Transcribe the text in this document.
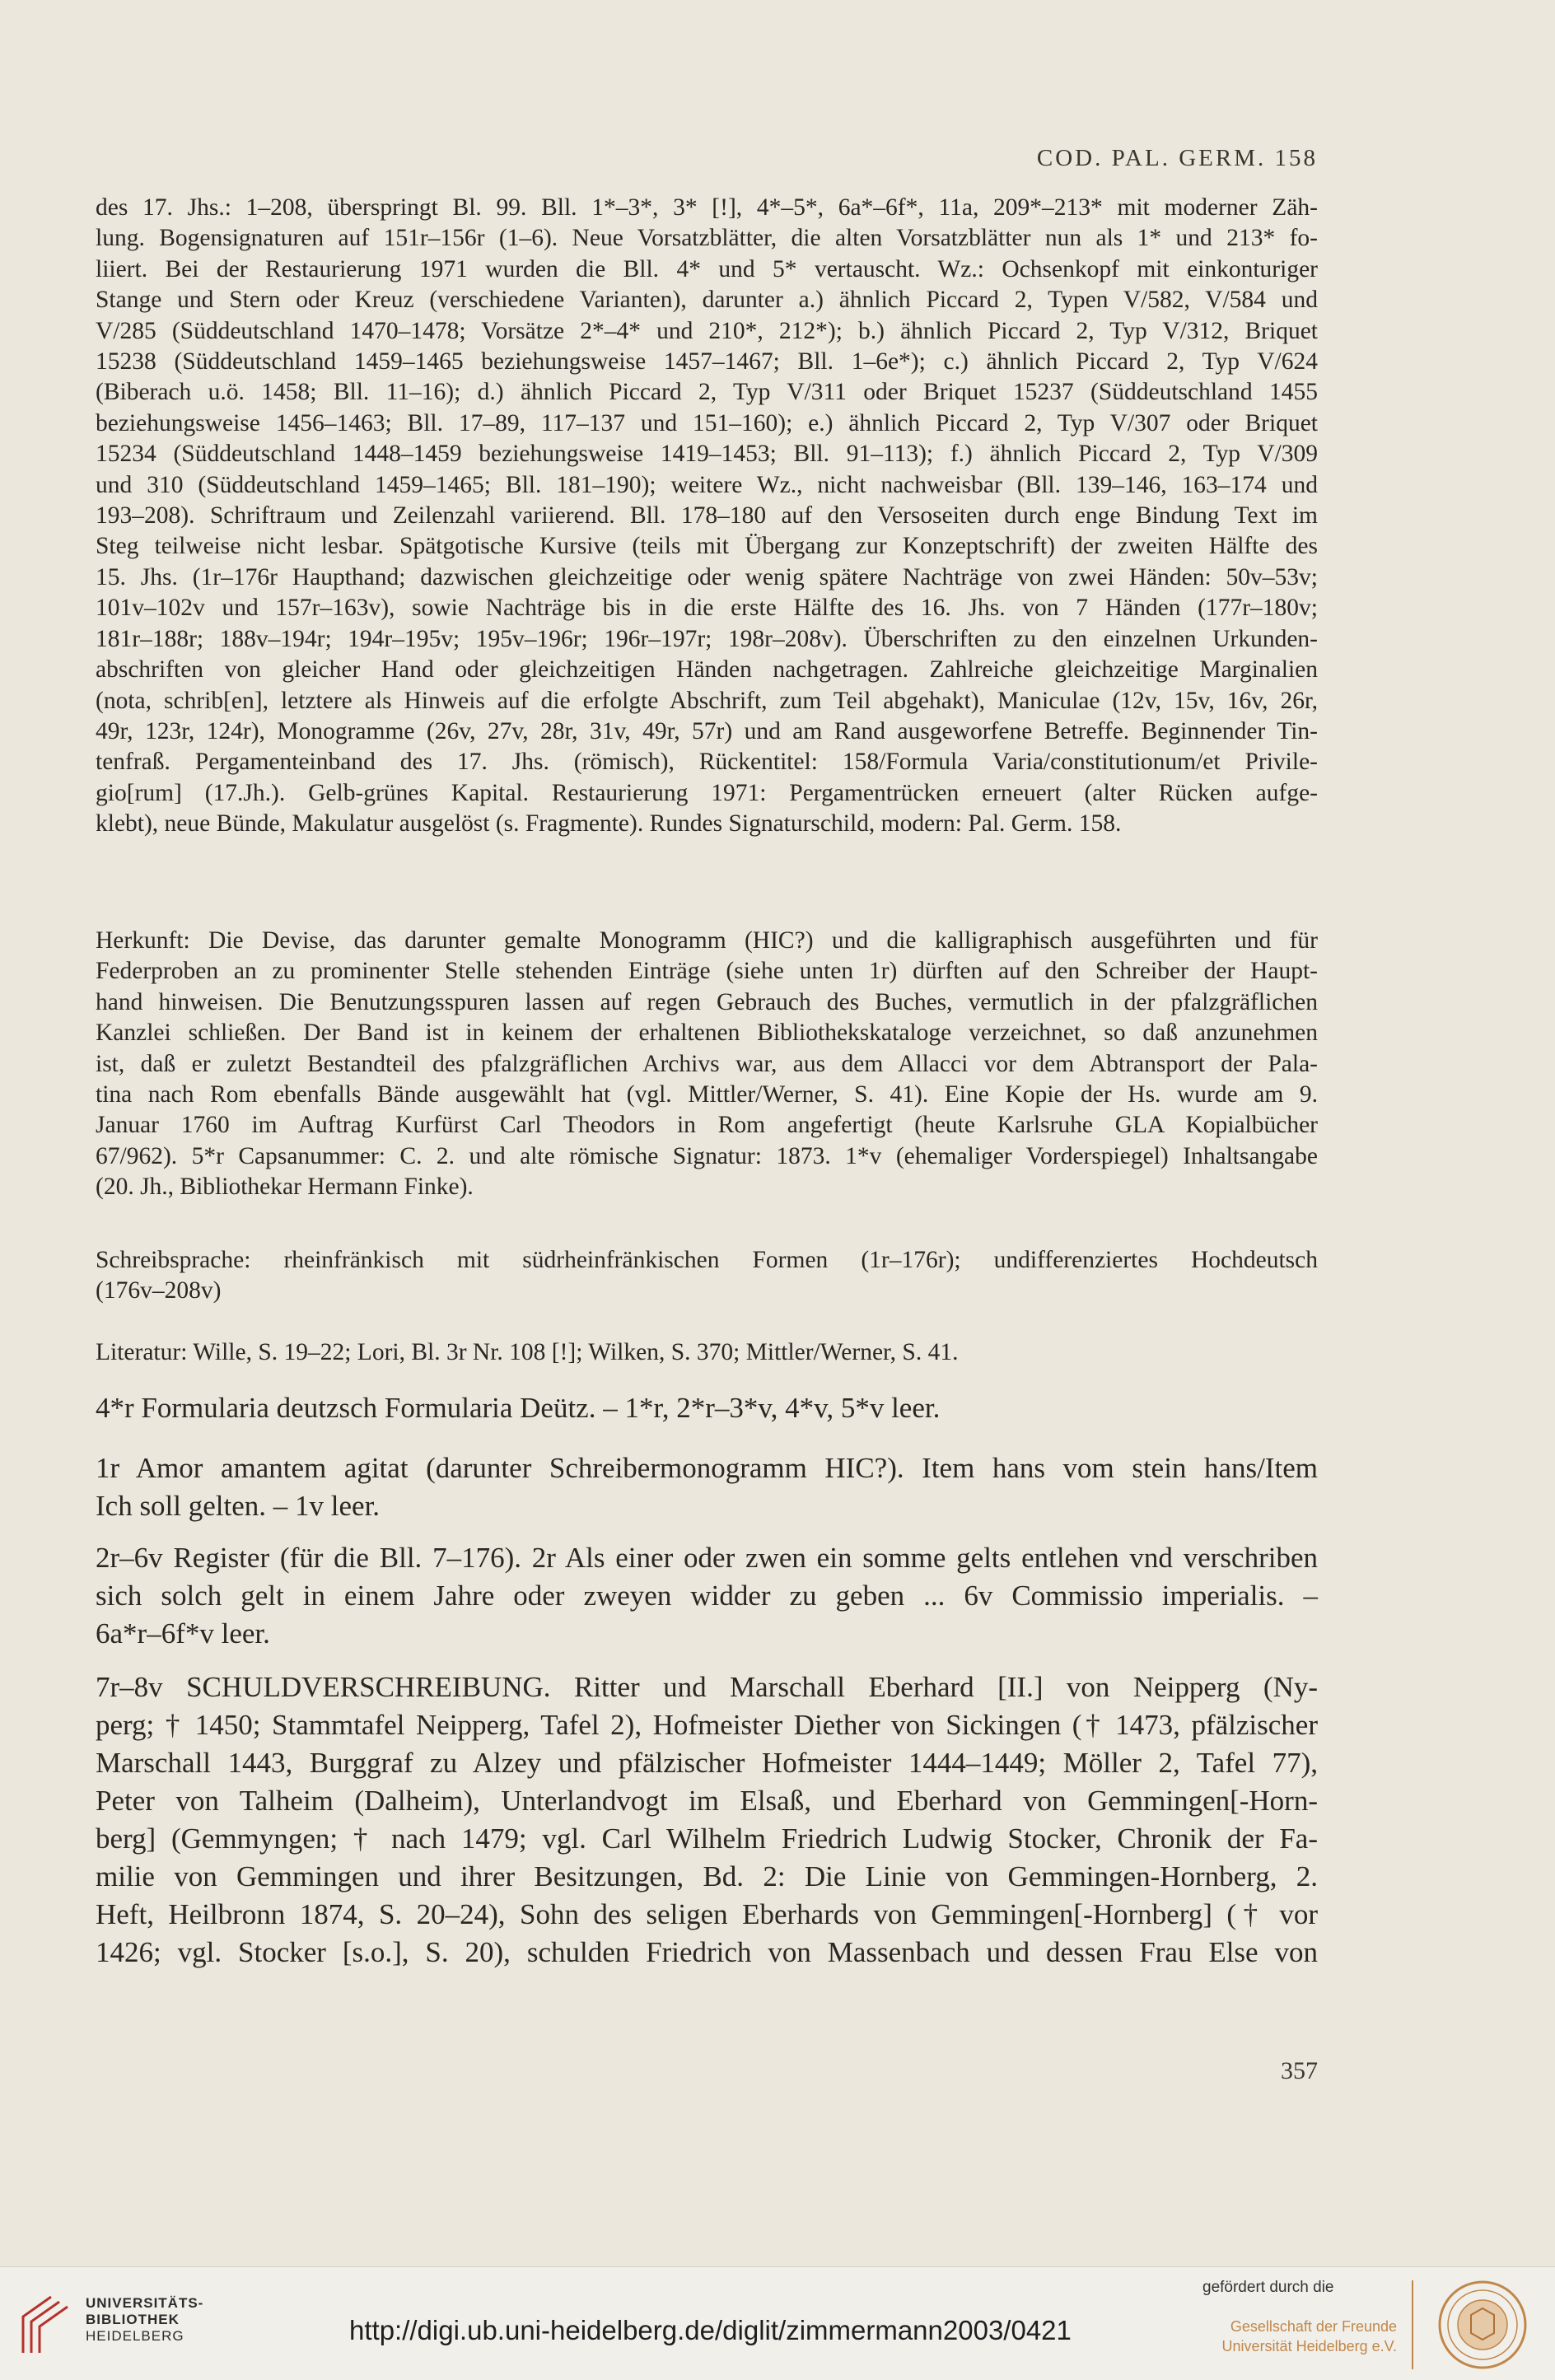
COD. PAL. GERM. 158
des 17. Jhs.: 1–208, überspringt Bl. 99. Bll. 1*–3*, 3* [!], 4*–5*, 6a*–6f*, 11a, 209*–213* mit moderner Zäh-
lung. Bogensignaturen auf 151r–156r (1–6). Neue Vorsatzblätter, die alten Vorsatzblätter nun als 1* und 213* fo-
liiert. Bei der Restaurierung 1971 wurden die Bll. 4* und 5* vertauscht. Wz.: Ochsenkopf mit einkonturiger
Stange und Stern oder Kreuz (verschiedene Varianten), darunter a.) ähnlich Piccard 2, Typen V/582, V/584 und
V/285 (Süddeutschland 1470–1478; Vorsätze 2*–4* und 210*, 212*); b.) ähnlich Piccard 2, Typ V/312, Briquet
15238 (Süddeutschland 1459–1465 beziehungsweise 1457–1467; Bll. 1–6e*); c.) ähnlich Piccard 2, Typ V/624
(Biberach u.ö. 1458; Bll. 11–16); d.) ähnlich Piccard 2, Typ V/311 oder Briquet 15237 (Süddeutschland 1455
beziehungsweise 1456–1463; Bll. 17–89, 117–137 und 151–160); e.) ähnlich Piccard 2, Typ V/307 oder Briquet
15234 (Süddeutschland 1448–1459 beziehungsweise 1419–1453; Bll. 91–113); f.) ähnlich Piccard 2, Typ V/309
und 310 (Süddeutschland 1459–1465; Bll. 181–190); weitere Wz., nicht nachweisbar (Bll. 139–146, 163–174 und
193–208). Schriftraum und Zeilenzahl variierend. Bll. 178–180 auf den Versoseiten durch enge Bindung Text im
Steg teilweise nicht lesbar. Spätgotische Kursive (teils mit Übergang zur Konzeptschrift) der zweiten Hälfte des
15. Jhs. (1r–176r Haupthand; dazwischen gleichzeitige oder wenig spätere Nachträge von zwei Händen: 50v–53v;
101v–102v und 157r–163v), sowie Nachträge bis in die erste Hälfte des 16. Jhs. von 7 Händen (177r–180v;
181r–188r; 188v–194r; 194r–195v; 195v–196r; 196r–197r; 198r–208v). Überschriften zu den einzelnen Urkunden-
abschriften von gleicher Hand oder gleichzeitigen Händen nachgetragen. Zahlreiche gleichzeitige Marginalien
(nota, schrib[en], letztere als Hinweis auf die erfolgte Abschrift, zum Teil abgehakt), Maniculae (12v, 15v, 16v, 26r,
49r, 123r, 124r), Monogramme (26v, 27v, 28r, 31v, 49r, 57r) und am Rand ausgeworfene Betreffe. Beginnender Tin-
tenfraß. Pergamenteinband des 17. Jhs. (römisch), Rückentitel: 158/Formula Varia/constitutionum/et Privile-
gio[rum] (17.Jh.). Gelb-grünes Kapital. Restaurierung 1971: Pergamentrücken erneuert (alter Rücken aufge-
klebt), neue Bünde, Makulatur ausgelöst (s. Fragmente). Rundes Signaturschild, modern: Pal. Germ. 158.
Herkunft: Die Devise, das darunter gemalte Monogramm (HIC?) und die kalligraphisch ausgeführten und für
Federproben an zu prominenter Stelle stehenden Einträge (siehe unten 1r) dürften auf den Schreiber der Haupt-
hand hinweisen. Die Benutzungsspuren lassen auf regen Gebrauch des Buches, vermutlich in der pfalzgräflichen
Kanzlei schließen. Der Band ist in keinem der erhaltenen Bibliothekskataloge verzeichnet, so daß anzunehmen
ist, daß er zuletzt Bestandteil des pfalzgräflichen Archivs war, aus dem Allacci vor dem Abtransport der Pala-
tina nach Rom ebenfalls Bände ausgewählt hat (vgl. Mittler/Werner, S. 41). Eine Kopie der Hs. wurde am 9.
Januar 1760 im Auftrag Kurfürst Carl Theodors in Rom angefertigt (heute Karlsruhe GLA Kopialbücher
67/962). 5*r Capsanummer: C. 2. und alte römische Signatur: 1873. 1*v (ehemaliger Vorderspiegel) Inhaltsangabe
(20. Jh., Bibliothekar Hermann Finke).
Schreibsprache: rheinfränkisch mit südrheinfränkischen Formen (1r–176r); undifferenziertes Hochdeutsch
(176v–208v)
Literatur: Wille, S. 19–22; Lori, Bl. 3r Nr. 108 [!]; Wilken, S. 370; Mittler/Werner, S. 41.
4*r Formularia deutzsch Formularia Deütz. – 1*r, 2*r–3*v, 4*v, 5*v leer.
1r Amor amantem agitat (darunter Schreibermonogramm HIC?). Item hans vom stein hans/Item
Ich soll gelten. – 1v leer.
2r–6v Register (für die Bll. 7–176). 2r Als einer oder zwen ein somme gelts entlehen vnd verschriben
sich solch gelt in einem Jahre oder zweyen widder zu geben ... 6v Commissio imperialis. –
6a*r–6f*v leer.
7r–8v SCHULDVERSCHREIBUNG. Ritter und Marschall Eberhard [II.] von Neipperg (Ny-
perg; † 1450; Stammtafel Neipperg, Tafel 2), Hofmeister Diether von Sickingen († 1473, pfälzischer
Marschall 1443, Burggraf zu Alzey und pfälzischer Hofmeister 1444–1449; Möller 2, Tafel 77),
Peter von Talheim (Dalheim), Unterlandvogt im Elsaß, und Eberhard von Gemmingen[-Horn-
berg] (Gemmyngen; † nach 1479; vgl. Carl Wilhelm Friedrich Ludwig Stocker, Chronik der Fa-
milie von Gemmingen und ihrer Besitzungen, Bd. 2: Die Linie von Gemmingen-Hornberg, 2.
Heft, Heilbronn 1874, S. 20–24), Sohn des seligen Eberhards von Gemmingen[-Hornberg] († vor
1426; vgl. Stocker [s.o.], S. 20), schulden Friedrich von Massenbach und dessen Frau Else von
357
UNIVERSITÄTS-
BIBLIOTHEK
HEIDELBERG	http://digi.ub.uni-heidelberg.de/diglit/zimmermann2003/0421
gefördert durch die
Gesellschaft der Freunde
Universität Heidelberg e.V.
